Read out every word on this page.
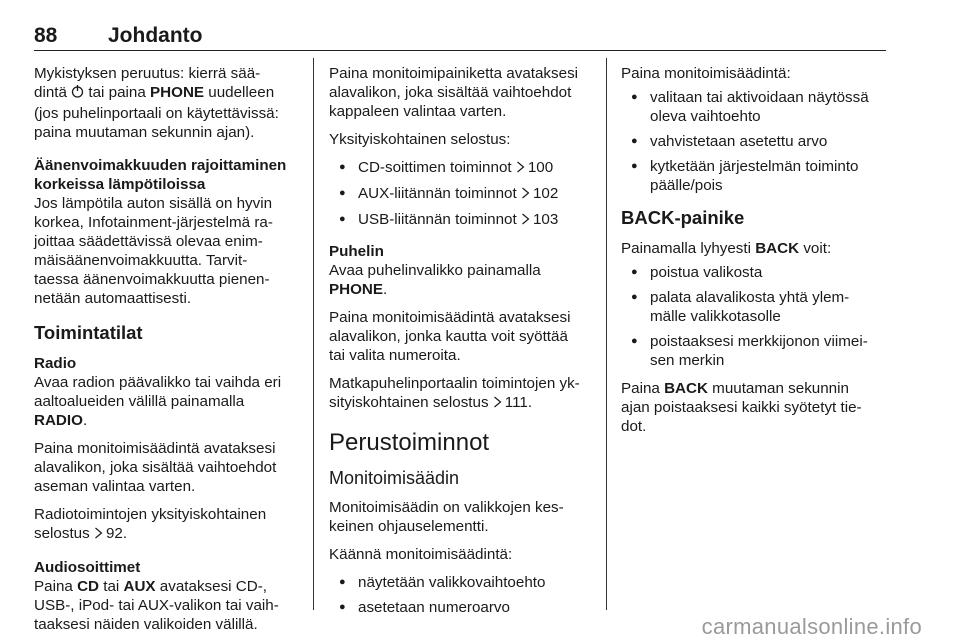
88 Johdanto

Mykistyksen peruutus: kierrä sää-
dintä  tai paina PHONE uudelleen
(jos puhelinportaali on käytettävissä:
paina muutaman sekunnin ajan).

Äänenvoimakkuuden rajoittaminen
korkeissa lämpötiloissa

Jos lämpötila auton sisällä on hyvin
korkea, Infotainment-järjestelmä ra-
joittaa säädettävissä olevaa enim-
mäisäänenvoimakkuutta. Tarvit-
taessa äänenvoimakkuutta pienen-
netään automaattisesti.

Toimintatilat
Radio

Avaa radion päävalikko tai vaihda eri
aaltoalueiden välillä painamalla
RADIO.

Paina monitoimisäädintä avataksesi
alavalikon, joka sisältää vaihtoehdot
aseman valintaa varten.

Radiotoimintojen yksityiskohtainen
selostus 92.

Audiosoittimet

Paina CD tai AUX avataksesi CD-,
USB-, iPod- tai AUX-valikon tai vaih-
taaksesi näiden valikoiden välillä.

Paina monitoimipainiketta avataksesi
alavalikon, joka sisältää vaihtoehdot
kappaleen valintaa varten.

Yksityiskohtainen selostus:

● CD-soittimen toiminnot 100
● AUX-liitännän toiminnot 102
● USB-liitännän toiminnot 103
Puhelin

Avaa puhelinvalikko painamalla
PHONE.

Paina monitoimisäädintä avataksesi
alavalikon, jonka kautta voit syöttää
tai valita numeroita.

Matkapuhelinportaalin toimintojen yk-
sityiskohtainen selostus 111.

Perustoiminnot
Monitoimisäädin

Monitoimisäädin on valikkojen kes-
keinen ohjauselementti.

Käännä monitoimisäädintä:

● näytetään valikkovaihtoehto
● asetetaan numeroarvo

Paina monitoimisäädintä:

● valitaan tai aktivoidaan näytössä
oleva vaihtoehto
● vahvistetaan asetettu arvo
● kytketään järjestelmän toiminto
päälle/pois
BACK-painike

Painamalla lyhyesti BACK voit:

● poistua valikosta
● palata alavalikosta yhtä ylem-
mälle valikkotasolle
● poistaaksesi merkkijonon viimei-
sen merkin

Paina BACK muutaman sekunnin
ajan poistaaksesi kaikki syötetyt tie-
dot.

carmanualsonline.info
